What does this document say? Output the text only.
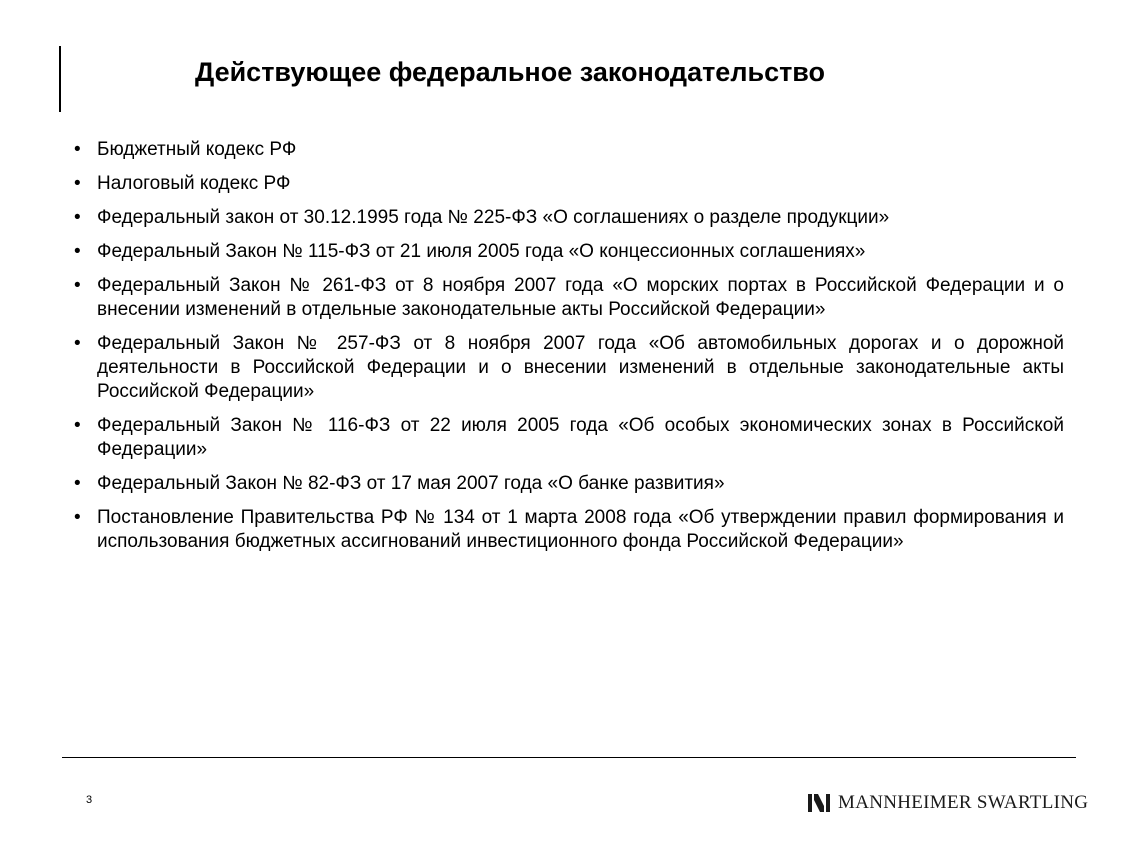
Действующее федеральное законодательство
• Бюджетный кодекс РФ
• Налоговый кодекс РФ
• Федеральный закон от 30.12.1995 года № 225-ФЗ «О соглашениях о разделе продукции»
• Федеральный Закон № 115-ФЗ от 21 июля 2005 года «О концессионных соглашениях»
• Федеральный Закон № 261-ФЗ от 8 ноября 2007 года «О морских портах в Российской Федерации и о внесении изменений в отдельные законодательные акты Российской Федерации»
• Федеральный Закон № 257-ФЗ от 8 ноября 2007 года «Об автомобильных дорогах и о дорожной деятельности в Российской Федерации и о внесении изменений в отдельные законодательные акты Российской Федерации»
• Федеральный Закон № 116-ФЗ от 22 июля 2005 года «Об особых экономических зонах в Российской Федерации»
• Федеральный Закон № 82-ФЗ от 17 мая 2007 года «О банке развития»
• Постановление Правительства РФ № 134 от 1 марта 2008 года «Об утверждении правил формирования и использования бюджетных ассигнований инвестиционного фонда Российской Федерации»
3	MANNHEIMER SWARTLING
